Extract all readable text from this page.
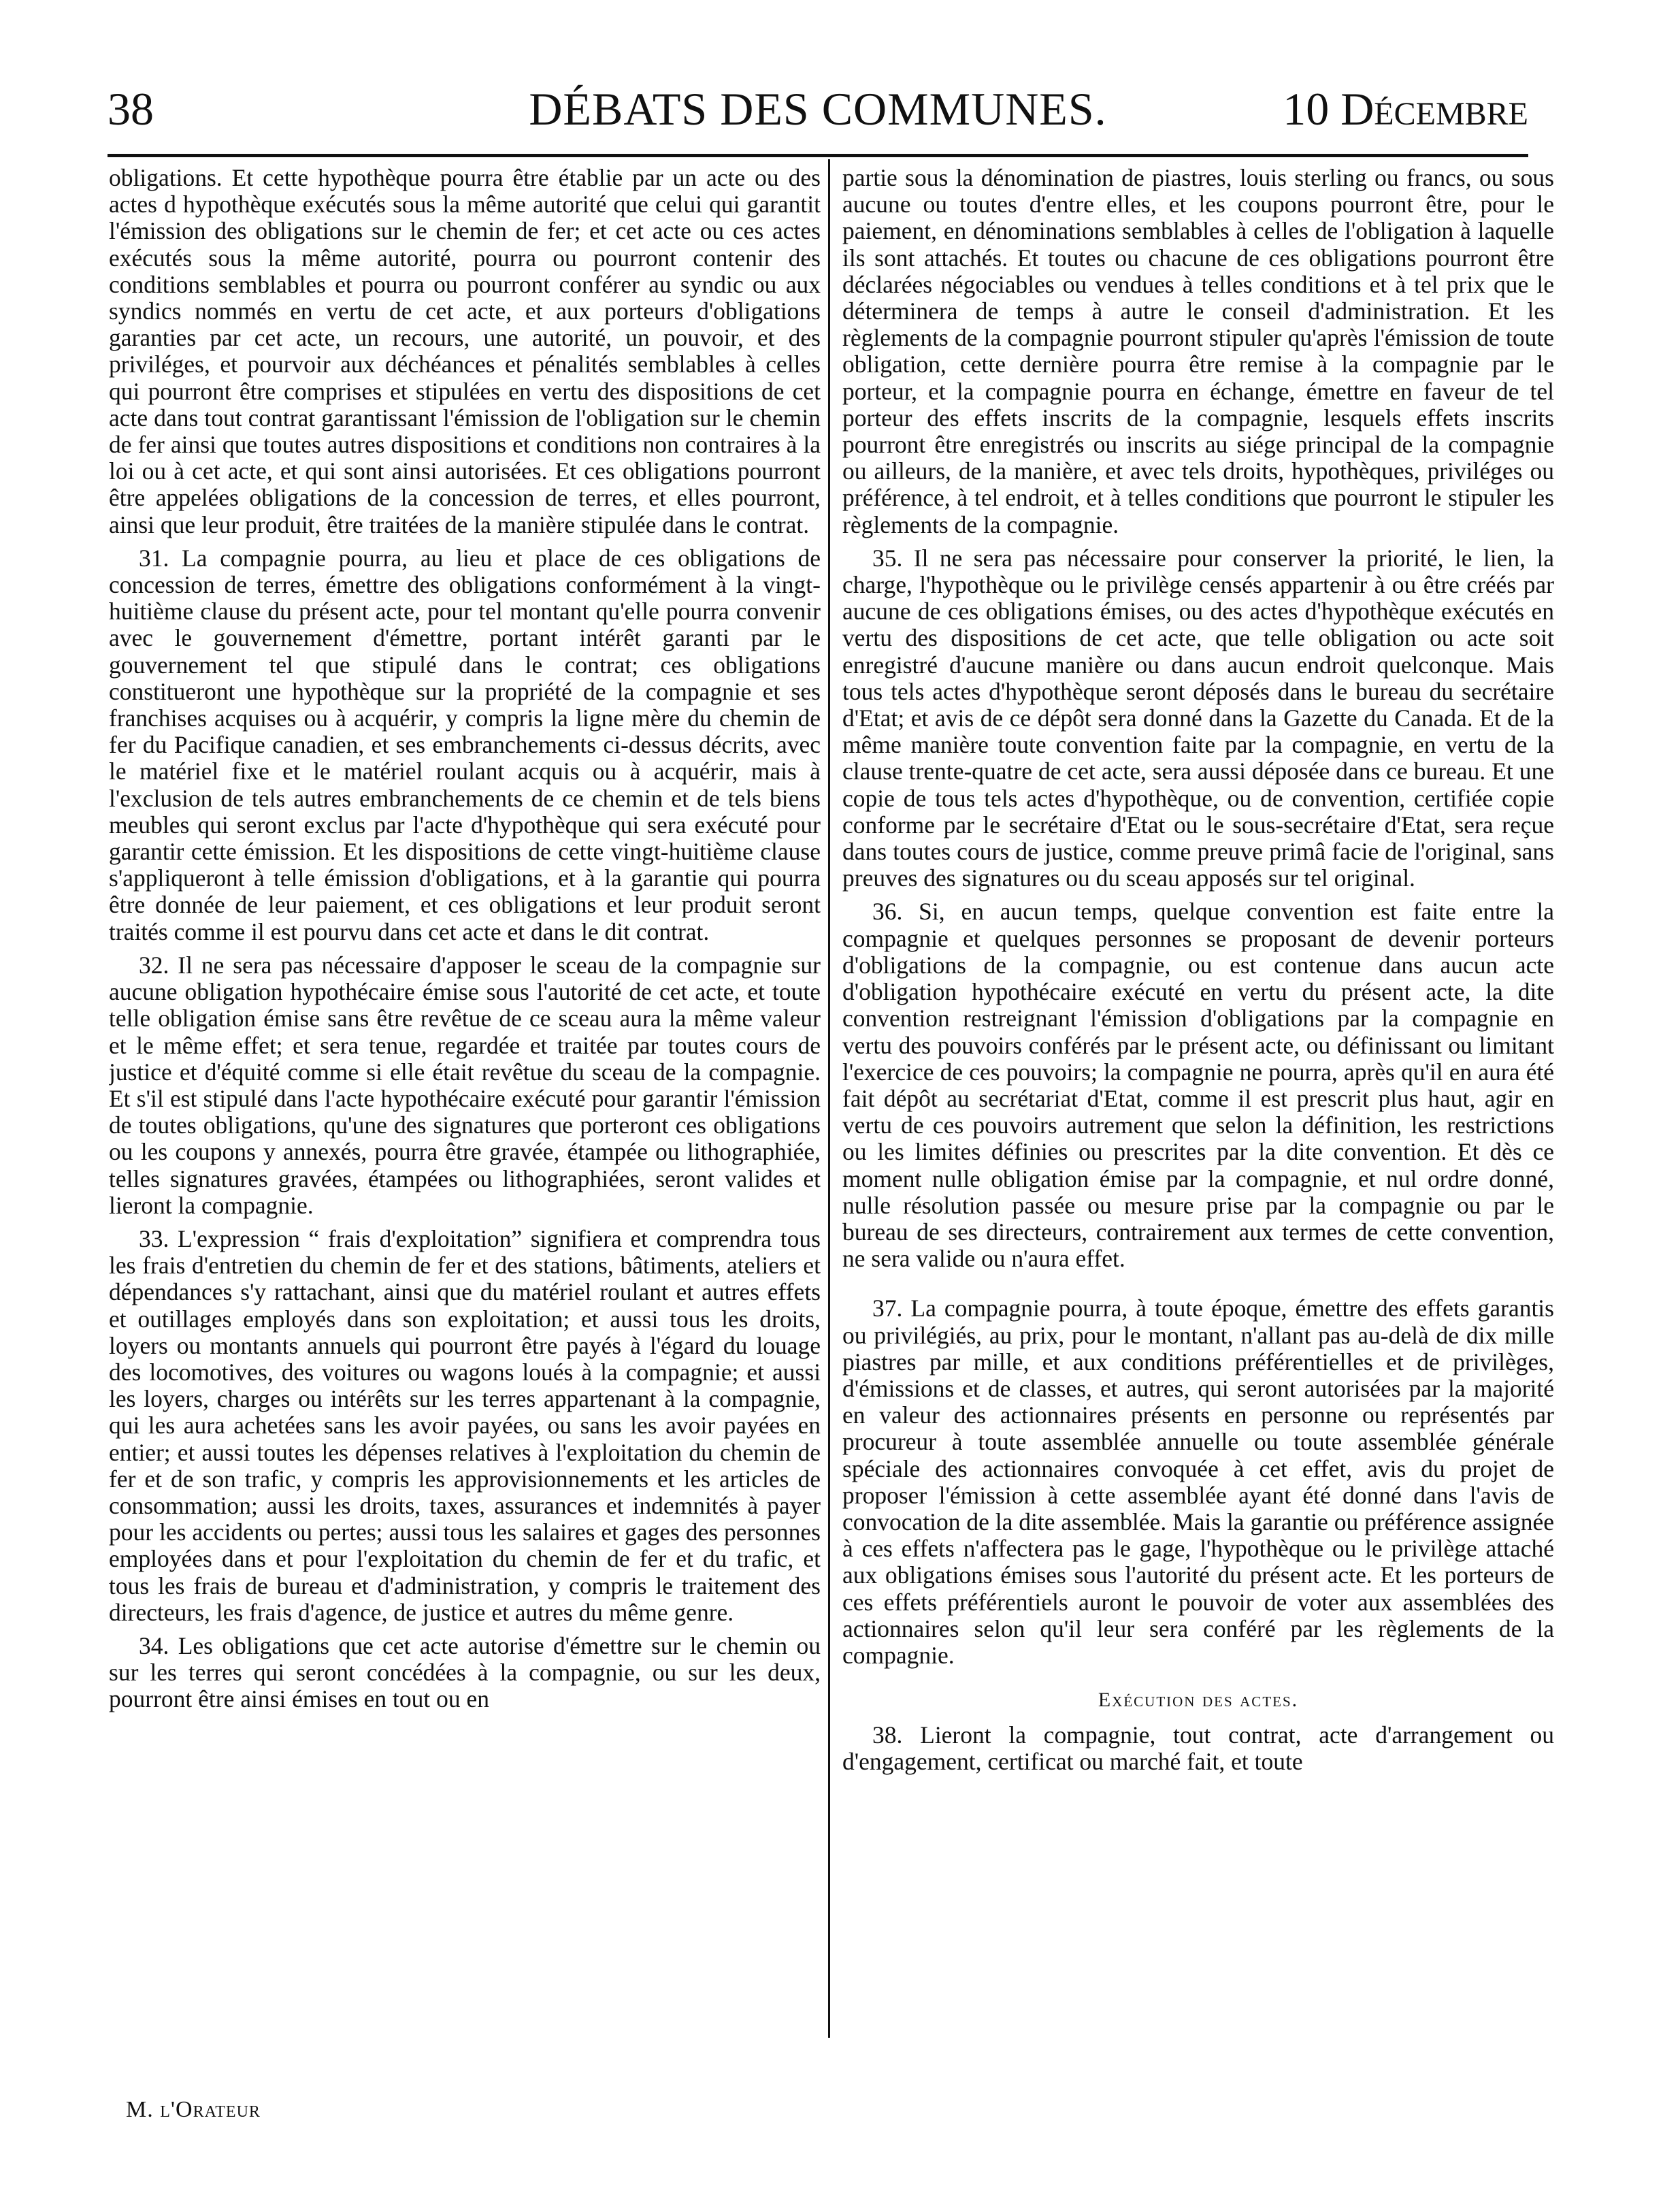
38	DÉBATS DES COMMUNES.	10 Décembre

obligations. Et cette hypothèque pourra être établie par un acte ou des actes d hypothèque exécutés sous la même autorité que celui qui garantit l'émission des obligations sur le chemin de fer; et cet acte ou ces actes exécutés sous la même autorité, pourra ou pourront contenir des conditions semblables et pourra ou pourront conférer au syndic ou aux syndics nommés en vertu de cet acte, et aux porteurs d'obligations garanties par cet acte, un recours, une autorité, un pouvoir, et des priviléges, et pourvoir aux déchéances et pénalités semblables à celles qui pourront être comprises et stipulées en vertu des dispositions de cet acte dans tout contrat garantissant l'émission de l'obligation sur le chemin de fer ainsi que toutes autres dispositions et conditions non contraires à la loi ou à cet acte, et qui sont ainsi autorisées. Et ces obligations pourront être appelées obligations de la concession de terres, et elles pourront, ainsi que leur produit, être traitées de la manière stipulée dans le contrat.

31. La compagnie pourra, au lieu et place de ces obligations de concession de terres, émettre des obligations conformément à la vingt-huitième clause du présent acte, pour tel montant qu'elle pourra convenir avec le gouvernement d'émettre, portant intérêt garanti par le gouvernement tel que stipulé dans le contrat; ces obligations constitueront une hypothèque sur la propriété de la compagnie et ses franchises acquises ou à acquérir, y compris la ligne mère du chemin de fer du Pacifique canadien, et ses embranchements ci-dessus décrits, avec le matériel fixe et le matériel roulant acquis ou à acquérir, mais à l'exclusion de tels autres embranchements de ce chemin et de tels biens meubles qui seront exclus par l'acte d'hypothèque qui sera exécuté pour garantir cette émission. Et les dispositions de cette vingt-huitième clause s'appliqueront à telle émission d'obligations, et à la garantie qui pourra être donnée de leur paiement, et ces obligations et leur produit seront traités comme il est pourvu dans cet acte et dans le dit contrat.

32. Il ne sera pas nécessaire d'apposer le sceau de la compagnie sur aucune obligation hypothécaire émise sous l'autorité de cet acte, et toute telle obligation émise sans être revêtue de ce sceau aura la même valeur et le même effet; et sera tenue, regardée et traitée par toutes cours de justice et d'équité comme si elle était revêtue du sceau de la compagnie. Et s'il est stipulé dans l'acte hypothécaire exécuté pour garantir l'émission de toutes obligations, qu'une des signatures que porteront ces obligations ou les coupons y annexés, pourra être gravée, étampée ou lithographiée, telles signatures gravées, étampées ou lithographiées, seront valides et lieront la compagnie.

33. L'expression “ frais d'exploitation” signifiera et comprendra tous les frais d'entretien du chemin de fer et des stations, bâtiments, ateliers et dépendances s'y rattachant, ainsi que du matériel roulant et autres effets et outillages employés dans son exploitation; et aussi tous les droits, loyers ou montants annuels qui pourront être payés à l'égard du louage des locomotives, des voitures ou wagons loués à la compagnie; et aussi les loyers, charges ou intérêts sur les terres appartenant à la compagnie, qui les aura achetées sans les avoir payées, ou sans les avoir payées en entier; et aussi toutes les dépenses relatives à l'exploitation du chemin de fer et de son trafic, y compris les approvisionnements et les articles de consommation; aussi les droits, taxes, assurances et indemnités à payer pour les accidents ou pertes; aussi tous les salaires et gages des personnes employées dans et pour l'exploitation du chemin de fer et du trafic, et tous les frais de bureau et d'administration, y compris le traitement des directeurs, les frais d'agence, de justice et autres du même genre.

34. Les obligations que cet acte autorise d'émettre sur le chemin ou sur les terres qui seront concédées à la compagnie, ou sur les deux, pourront être ainsi émises en tout ou en

partie sous la dénomination de piastres, louis sterling ou francs, ou sous aucune ou toutes d'entre elles, et les coupons pourront être, pour le paiement, en dénominations semblables à celles de l'obligation à laquelle ils sont attachés. Et toutes ou chacune de ces obligations pourront être déclarées négociables ou vendues à telles conditions et à tel prix que le déterminera de temps à autre le conseil d'administration. Et les règlements de la compagnie pourront stipuler qu'après l'émission de toute obligation, cette dernière pourra être remise à la compagnie par le porteur, et la compagnie pourra en échange, émettre en faveur de tel porteur des effets inscrits de la compagnie, lesquels effets inscrits pourront être enregistrés ou inscrits au siége principal de la compagnie ou ailleurs, de la manière, et avec tels droits, hypothèques, priviléges ou préférence, à tel endroit, et à telles conditions que pourront le stipuler les règlements de la compagnie.

35. Il ne sera pas nécessaire pour conserver la priorité, le lien, la charge, l'hypothèque ou le privilège censés appartenir à ou être créés par aucune de ces obligations émises, ou des actes d'hypothèque exécutés en vertu des dispositions de cet acte, que telle obligation ou acte soit enregistré d'aucune manière ou dans aucun endroit quelconque. Mais tous tels actes d'hypothèque seront déposés dans le bureau du secrétaire d'Etat; et avis de ce dépôt sera donné dans la Gazette du Canada. Et de la même manière toute convention faite par la compagnie, en vertu de la clause trente-quatre de cet acte, sera aussi déposée dans ce bureau. Et une copie de tous tels actes d'hypothèque, ou de convention, certifiée copie conforme par le secrétaire d'Etat ou le sous-secrétaire d'Etat, sera reçue dans toutes cours de justice, comme preuve primâ facie de l'original, sans preuves des signatures ou du sceau apposés sur tel original.

36. Si, en aucun temps, quelque convention est faite entre la compagnie et quelques personnes se proposant de devenir porteurs d'obligations de la compagnie, ou est contenue dans aucun acte d'obligation hypothécaire exécuté en vertu du présent acte, la dite convention restreignant l'émission d'obligations par la compagnie en vertu des pouvoirs conférés par le présent acte, ou définissant ou limitant l'exercice de ces pouvoirs; la compagnie ne pourra, après qu'il en aura été fait dépôt au secrétariat d'Etat, comme il est prescrit plus haut, agir en vertu de ces pouvoirs autrement que selon la définition, les restrictions ou les limites définies ou prescrites par la dite convention. Et dès ce moment nulle obligation émise par la compagnie, et nul ordre donné, nulle résolution passée ou mesure prise par la compagnie ou par le bureau de ses directeurs, contrairement aux termes de cette convention, ne sera valide ou n'aura effet.

37. La compagnie pourra, à toute époque, émettre des effets garantis ou privilégiés, au prix, pour le montant, n'allant pas au-delà de dix mille piastres par mille, et aux conditions préférentielles et de privilèges, d'émissions et de classes, et autres, qui seront autorisées par la majorité en valeur des actionnaires présents en personne ou représentés par procureur à toute assemblée annuelle ou toute assemblée générale spéciale des actionnaires convoquée à cet effet, avis du projet de proposer l'émission à cette assemblée ayant été donné dans l'avis de convocation de la dite assemblée. Mais la garantie ou préférence assignée à ces effets n'affectera pas le gage, l'hypothèque ou le privilège attaché aux obligations émises sous l'autorité du présent acte. Et les porteurs de ces effets préférentiels auront le pouvoir de voter aux assemblées des actionnaires selon qu'il leur sera conféré par les règlements de la compagnie.

Exécution des actes.

38. Lieront la compagnie, tout contrat, acte d'arrangement ou d'engagement, certificat ou marché fait, et toute

M. l'Orateur
